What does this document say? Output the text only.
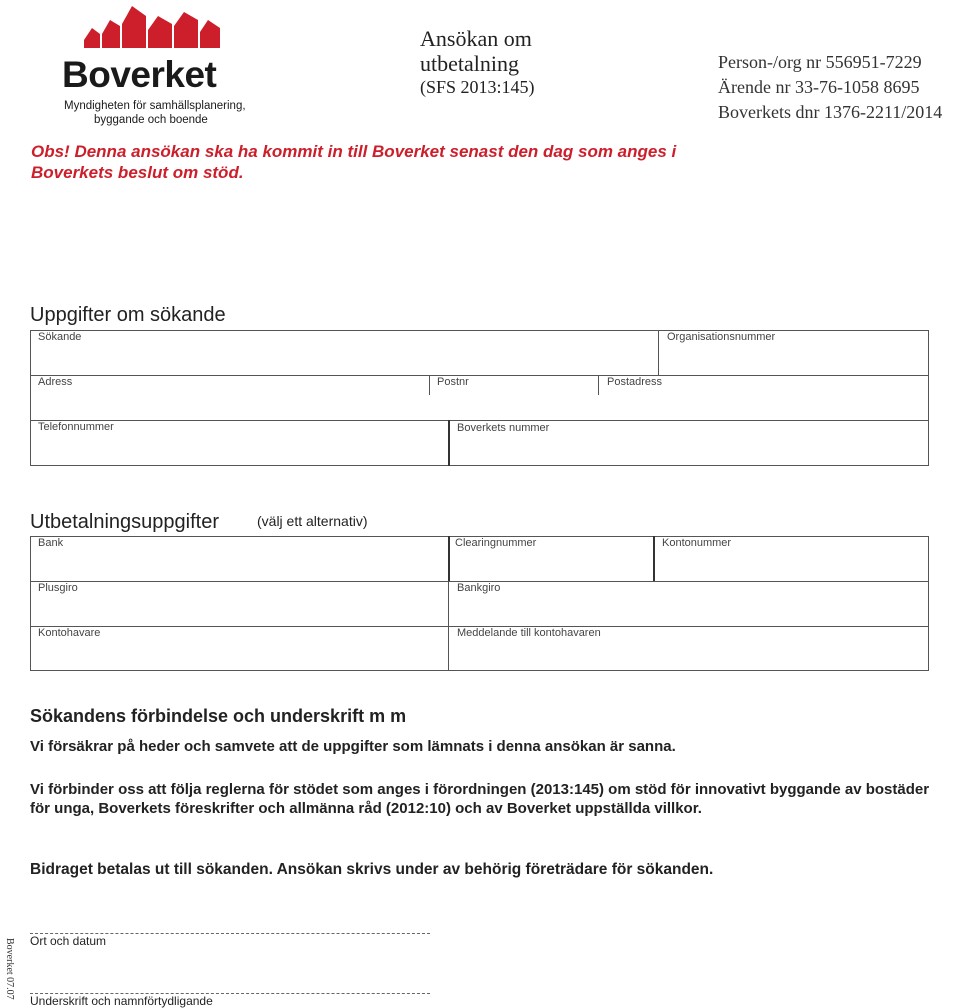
Boverket
Myndigheten för samhällsplanering,
byggande och boende
Ansökan om
utbetalning
(SFS 2013:145)
Person-/org nr 556951-7229
Ärende nr 33-76-1058 8695
Boverkets dnr 1376-2211/2014
Obs! Denna ansökan ska ha kommit in till Boverket senast den dag som anges i
Boverkets beslut om stöd.
Uppgifter om sökande
Sökande	Organisationsnummer
Adress	Postnr	Postadress
Telefonnummer	Boverkets nummer
Utbetalningsuppgifter	(välj ett alternativ)
Bank	Clearingnummer	Kontonummer
Plusgiro	Bankgiro
Kontohavare	Meddelande till kontohavaren
Sökandens förbindelse och underskrift m m
Vi försäkrar på heder och samvete att de uppgifter som lämnats i denna ansökan är sanna.
Vi förbinder oss att följa reglerna för stödet som anges i förordningen (2013:145) om stöd för innovativt byggande av bostäder för unga, Boverkets föreskrifter och allmänna råd (2012:10) och av Boverket uppställda villkor.
Bidraget betalas ut till sökanden. Ansökan skrivs under av behörig företrädare för sökanden.
Ort och datum
Underskrift och namnförtydligande
Boverket 07.07
